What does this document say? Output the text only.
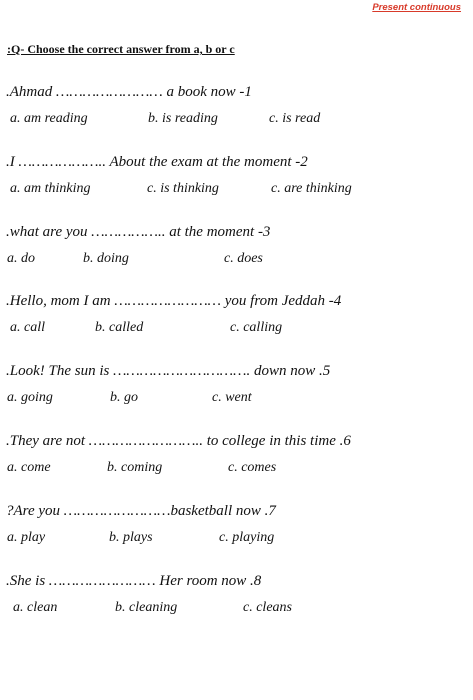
Present continuous
:Q- Choose the correct answer from a, b or c
.Ahmad …………………… a book now -1
a. am reading	b. is reading	c. is read
.I ……………….. About the exam at the moment -2
a. am thinking	c. is thinking	c. are thinking
.what are you …………….. at the moment -3
a. do	b. doing	c. does
.Hello, mom I am …………………… you from Jeddah -4
a. call	b. called	c. calling
.Look! The sun is …………………………. down now .5
a. going	b. go	c. went
.They are not …………………….. to college in this time .6
a. come	b. coming	c. comes
?Are you ……………………basketball now .7
a. play	b. plays	c. playing
.She is …………………… Her room now .8
a. clean	b. cleaning	c. cleans
